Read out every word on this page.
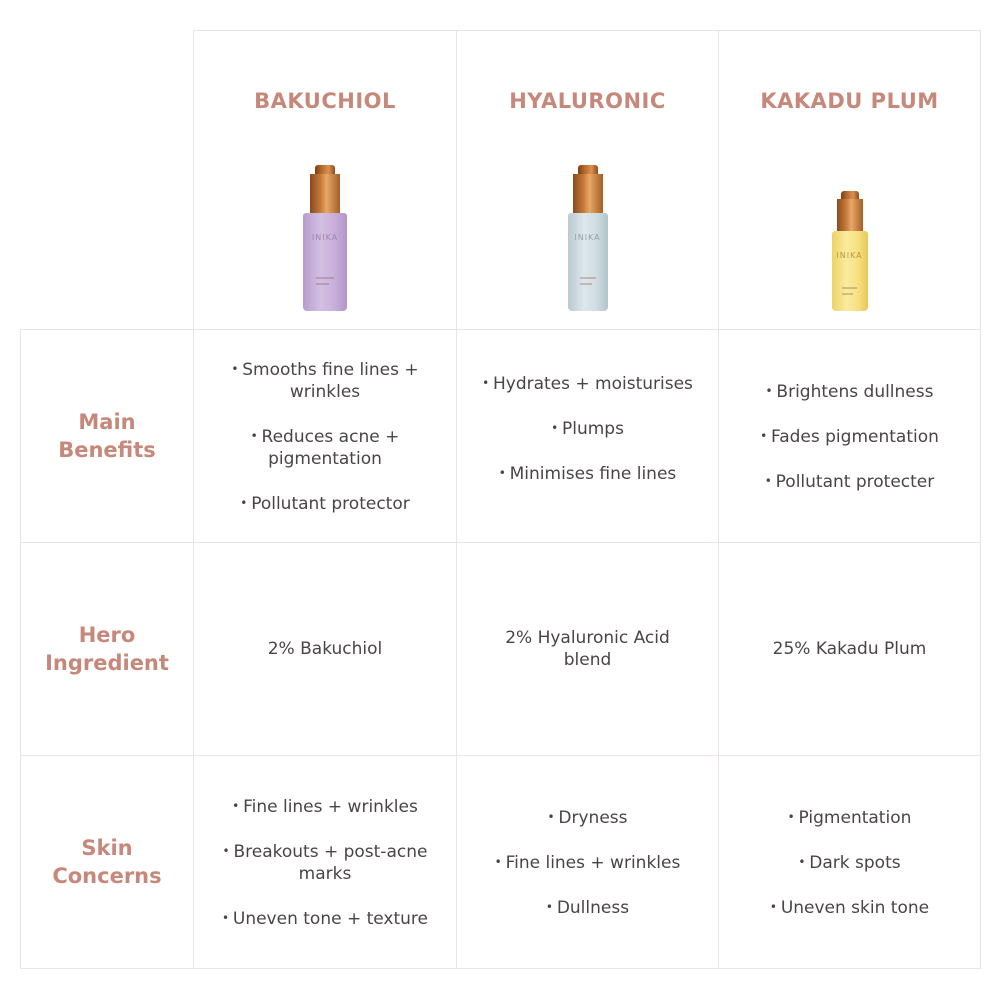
BAKUCHIOL
INIKA
HYALURONIC
INIKA
KAKADU PLUM
INIKA
Main
Benefits
• Smooths fine lines + wrinkles
• Reduces acne + pigmentation
• Pollutant protector
• Hydrates + moisturises
• Plumps
• Minimises fine lines
• Brightens dullness
• Fades pigmentation
• Pollutant protecter
Hero
Ingredient
2% Bakuchiol
2% Hyaluronic Acid blend
25% Kakadu Plum
Skin
Concerns
• Fine lines + wrinkles
• Breakouts + post-acne marks
• Uneven tone + texture
• Dryness
• Fine lines + wrinkles
• Dullness
• Pigmentation
• Dark spots
• Uneven skin tone
